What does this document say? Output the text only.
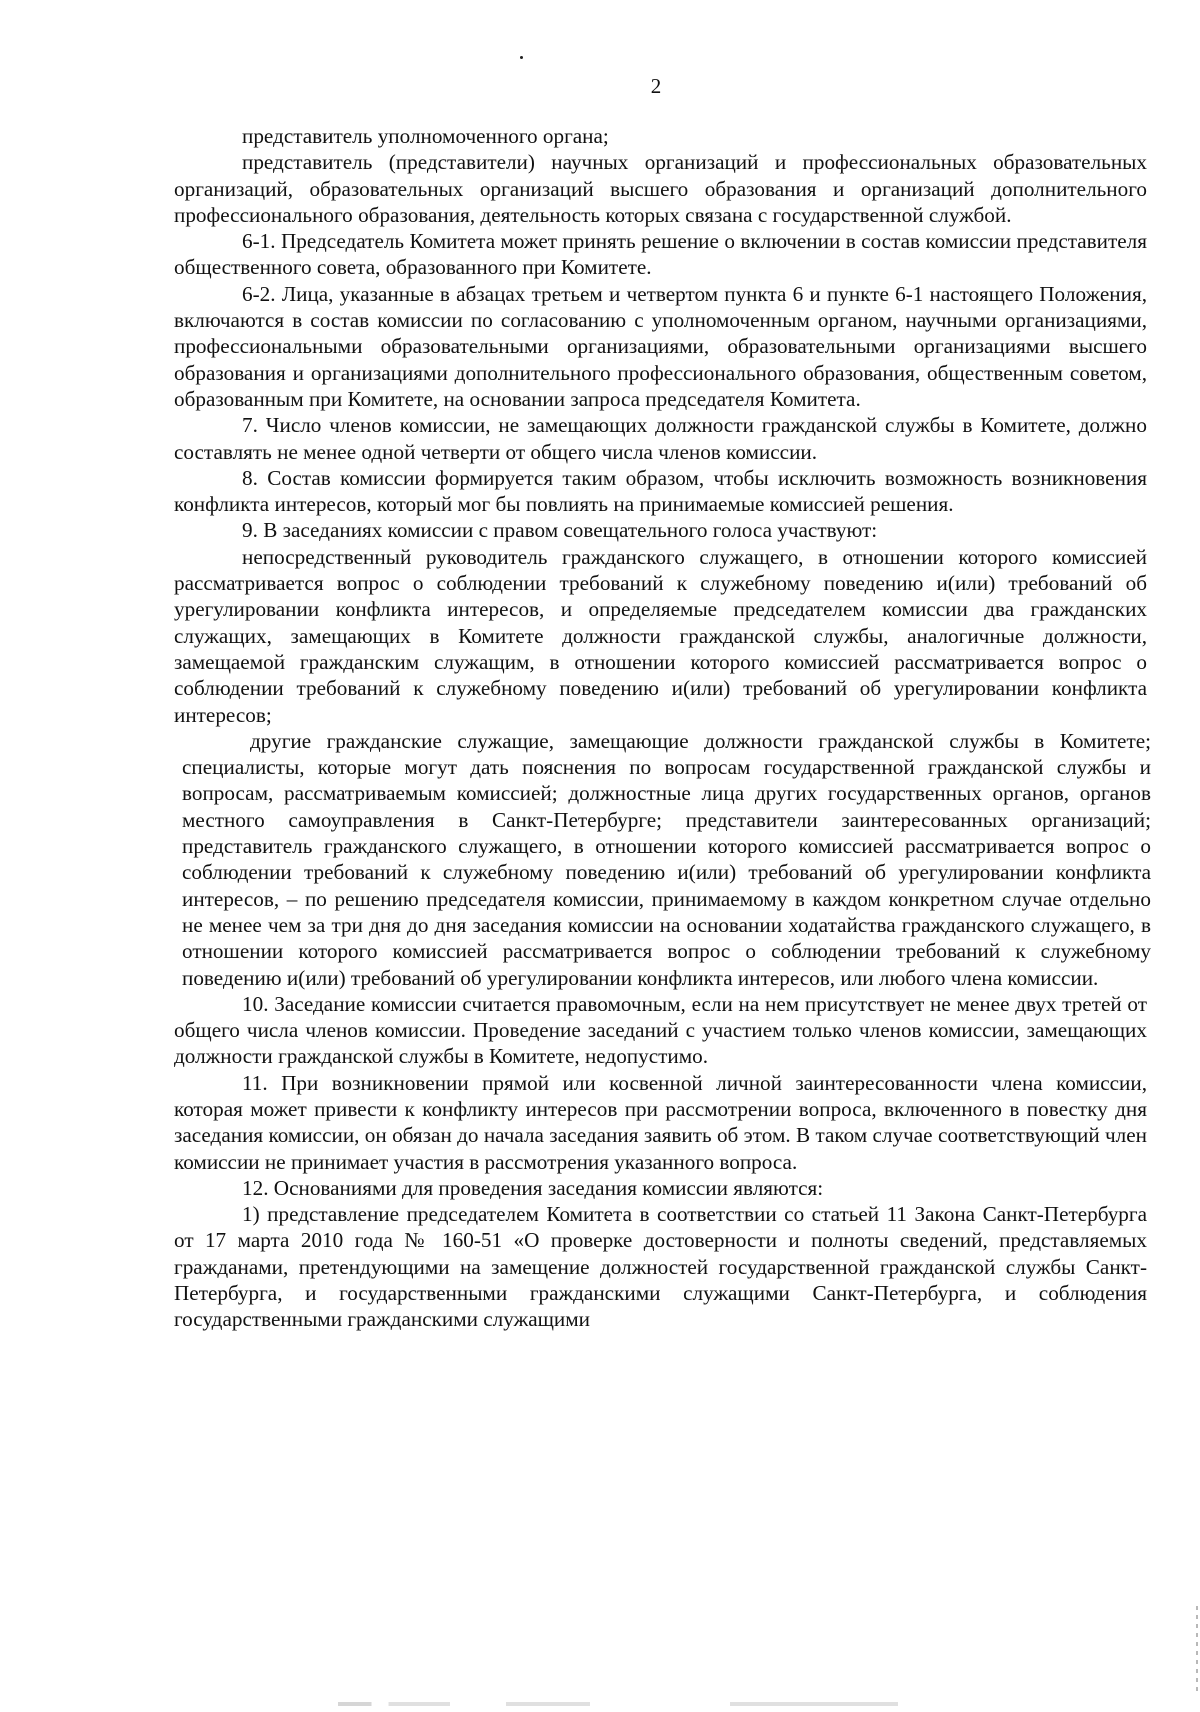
2

представитель уполномоченного органа;

представитель (представители) научных организаций и профессиональных образовательных организаций, образовательных организаций высшего образования и организаций дополнительного профессионального образования, деятельность которых связана с государственной службой.

6-1. Председатель Комитета может принять решение о включении в состав комиссии представителя общественного совета, образованного при Комитете.

6-2. Лица, указанные в абзацах третьем и четвертом пункта 6 и пункте 6-1 настоящего Положения, включаются в состав комиссии по согласованию с уполномоченным органом, научными организациями, профессиональными образовательными организациями, образовательными организациями высшего образования и организациями дополнительного профессионального образования, общественным советом, образованным при Комитете, на основании запроса председателя Комитета.

7. Число членов комиссии, не замещающих должности гражданской службы в Комитете, должно составлять не менее одной четверти от общего числа членов комиссии.

8. Состав комиссии формируется таким образом, чтобы исключить возможность возникновения конфликта интересов, который мог бы повлиять на принимаемые комиссией решения.

9. В заседаниях комиссии с правом совещательного голоса участвуют:

непосредственный руководитель гражданского служащего, в отношении которого комиссией рассматривается вопрос о соблюдении требований к служебному поведению и(или) требований об урегулировании конфликта интересов, и определяемые председателем комиссии два гражданских служащих, замещающих в Комитете должности гражданской службы, аналогичные должности, замещаемой гражданским служащим, в отношении которого комиссией рассматривается вопрос о соблюдении требований к служебному поведению и(или) требований об урегулировании конфликта интересов;

другие гражданские служащие, замещающие должности гражданской службы в Комитете; специалисты, которые могут дать пояснения по вопросам государственной гражданской службы и вопросам, рассматриваемым комиссией; должностные лица других государственных органов, органов местного самоуправления в Санкт-Петербурге; представители заинтересованных организаций; представитель гражданского служащего, в отношении которого комиссией рассматривается вопрос о соблюдении требований к служебному поведению и(или) требований об урегулировании конфликта интересов, – по решению председателя комиссии, принимаемому в каждом конкретном случае отдельно не менее чем за три дня до дня заседания комиссии на основании ходатайства гражданского служащего, в отношении которого комиссией рассматривается вопрос о соблюдении требований к служебному поведению и(или) требований об урегулировании конфликта интересов, или любого члена комиссии.

10. Заседание комиссии считается правомочным, если на нем присутствует не менее двух третей от общего числа членов комиссии. Проведение заседаний с участием только членов комиссии, замещающих должности гражданской службы в Комитете, недопустимо.

11. При возникновении прямой или косвенной личной заинтересованности члена комиссии, которая может привести к конфликту интересов при рассмотрении вопроса, включенного в повестку дня заседания комиссии, он обязан до начала заседания заявить об этом. В таком случае соответствующий член комиссии не принимает участия в рассмотрения указанного вопроса.

12. Основаниями для проведения заседания комиссии являются:

1) представление председателем Комитета в соответствии со статьей 11 Закона Санкт-Петербурга от 17 марта 2010 года № 160-51 «О проверке достоверности и полноты сведений, представляемых гражданами, претендующими на замещение должностей государственной гражданской службы Санкт-Петербурга, и государственными гражданскими служащими Санкт-Петербурга, и соблюдения государственными гражданскими служащими
